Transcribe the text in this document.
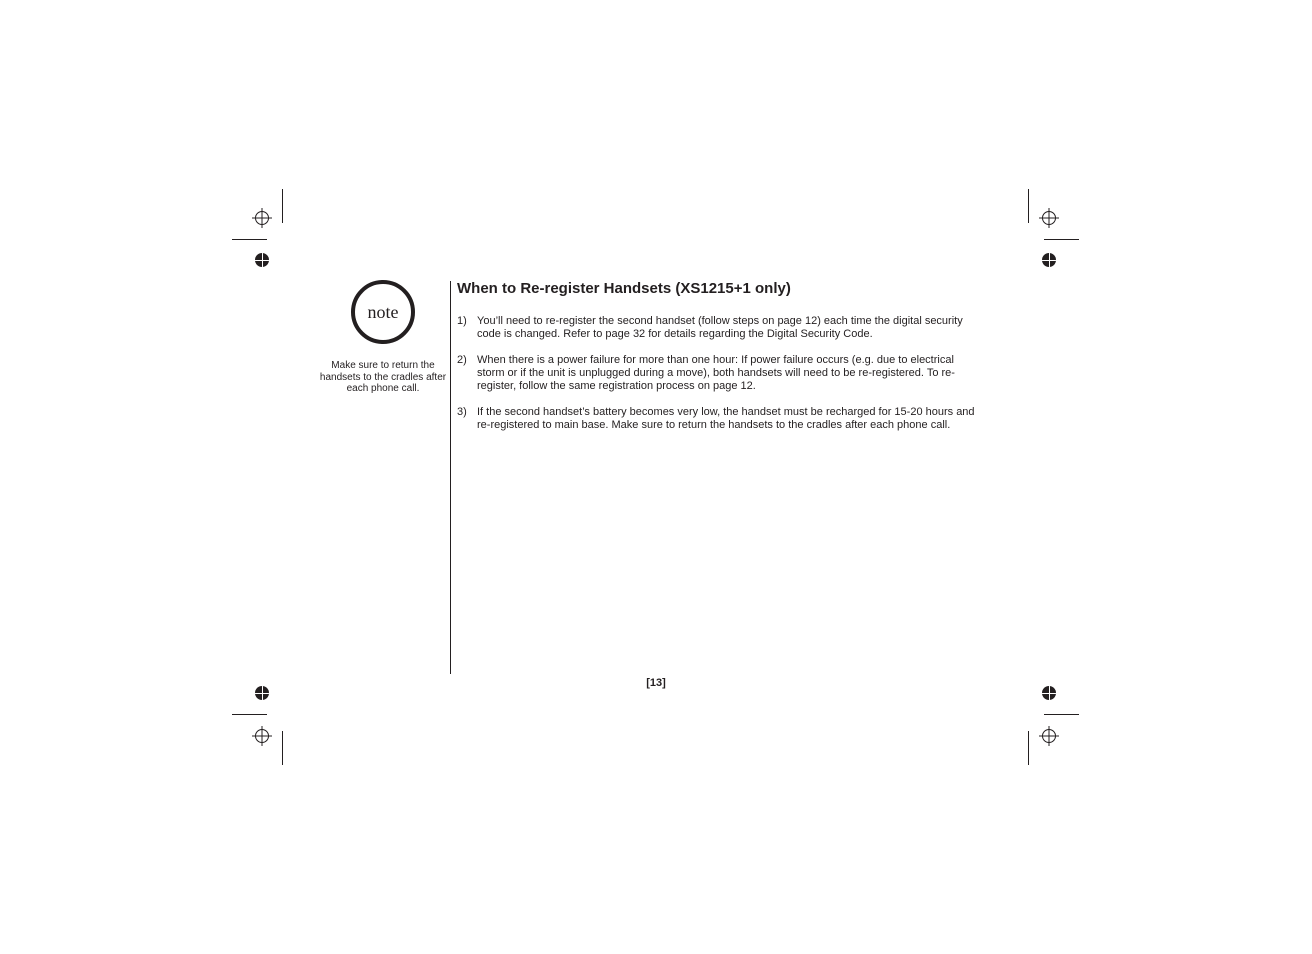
note
Make sure to return the handsets to the cradles after each phone call.
When to Re-register Handsets (XS1215+1 only)
1) You’ll need to re-register the second handset (follow steps on page 12) each time the digital security code is changed. Refer to page 32 for details regarding the Digital Security Code.
2) When there is a power failure for more than one hour: If power failure occurs (e.g. due to electrical storm or if the unit is unplugged during a move), both handsets will need to be re-registered. To re-register, follow the same registration process on page 12.
3) If the second handset’s battery becomes very low, the handset must be recharged for 15-20 hours and re-registered to main base. Make sure to return the handsets to the cradles after each phone call.
[13]
